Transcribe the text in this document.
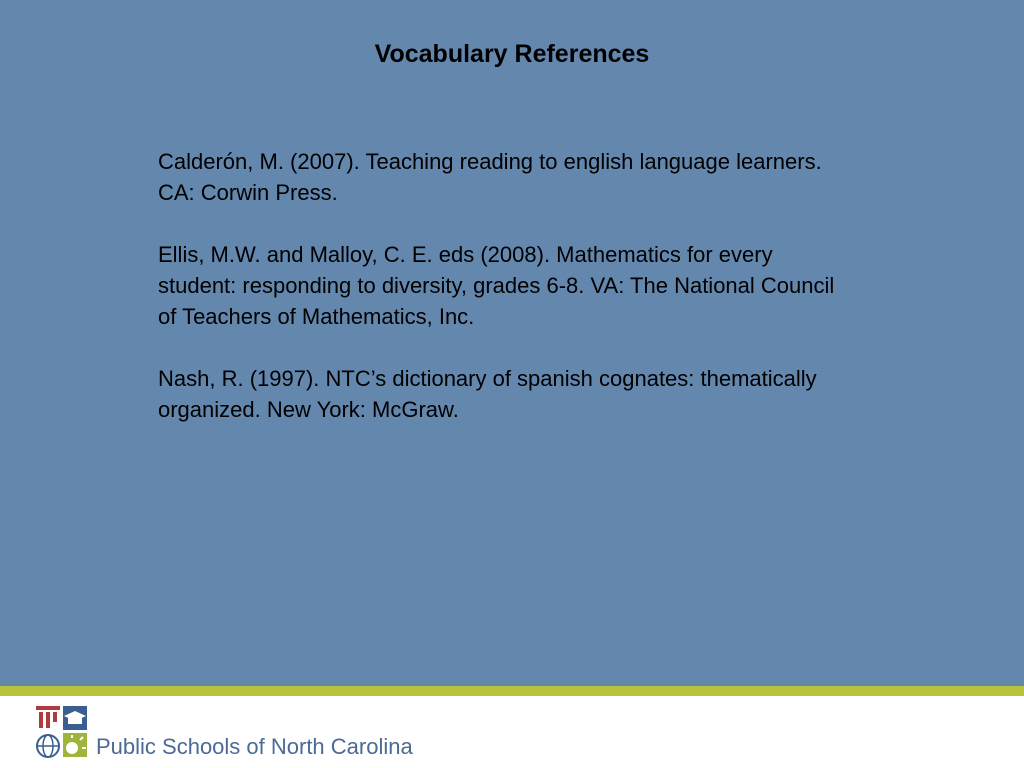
Vocabulary References

Calderón, M. (2007). Teaching reading to english language learners. CA: Corwin Press.

Ellis, M.W. and Malloy, C. E. eds (2008). Mathematics for every student: responding to diversity, grades 6-8. VA: The National Council of Teachers of Mathematics, Inc.

Nash, R. (1997). NTC’s dictionary of spanish cognates: thematically organized. New York: McGraw.

Public Schools of North Carolina
